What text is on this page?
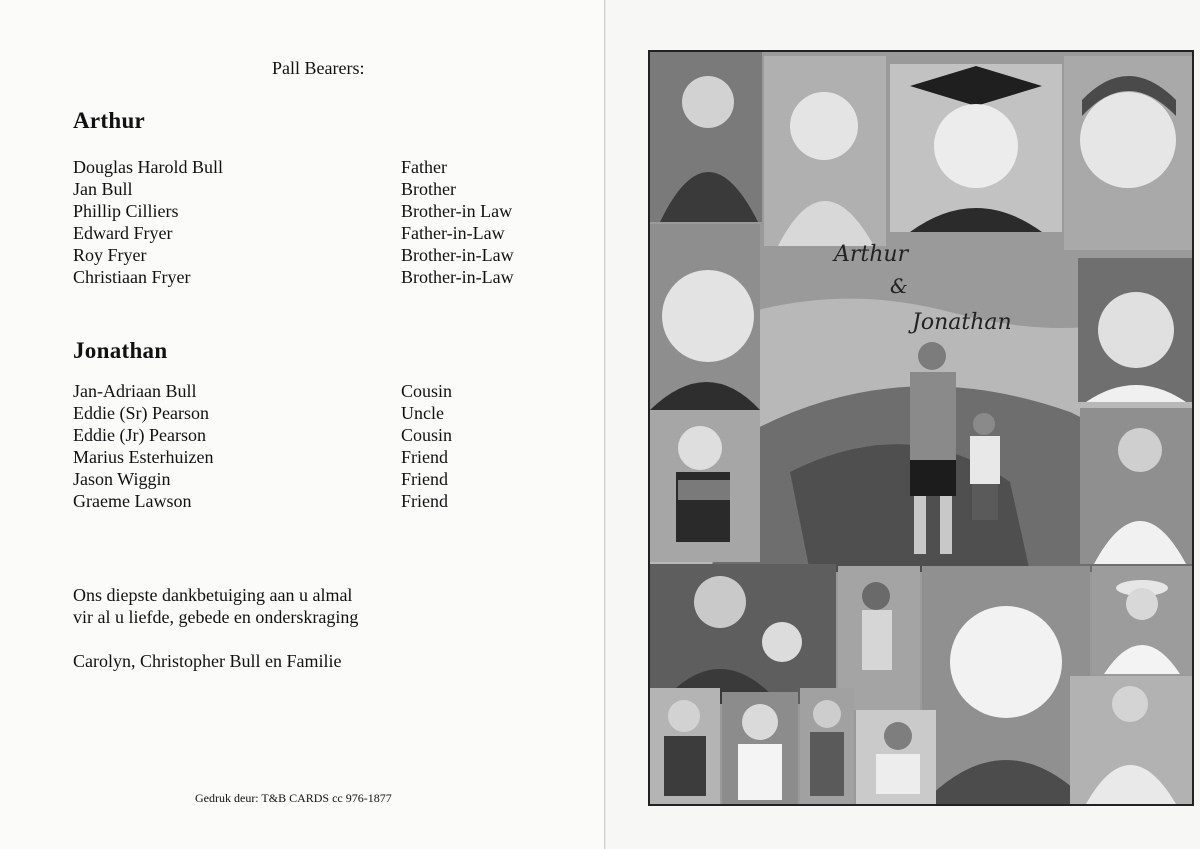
Pall Bearers:
Arthur
Douglas Harold Bull	Father
Jan Bull	Brother
Phillip Cilliers	Brother-in Law
Edward Fryer	Father-in-Law
Roy Fryer	Brother-in-Law
Christiaan Fryer	Brother-in-Law
Jonathan
Jan-Adriaan Bull	Cousin
Eddie (Sr) Pearson	Uncle
Eddie (Jr) Pearson	Cousin
Marius Esterhuizen	Friend
Jason Wiggin	Friend
Graeme Lawson	Friend
Ons diepste dankbetuiging aan u almal
vir al u liefde, gebede en onderskraging
Carolyn, Christopher Bull en Familie
Gedruk deur: T&B CARDS cc 976-1877
Arthur
&
Jonathan
